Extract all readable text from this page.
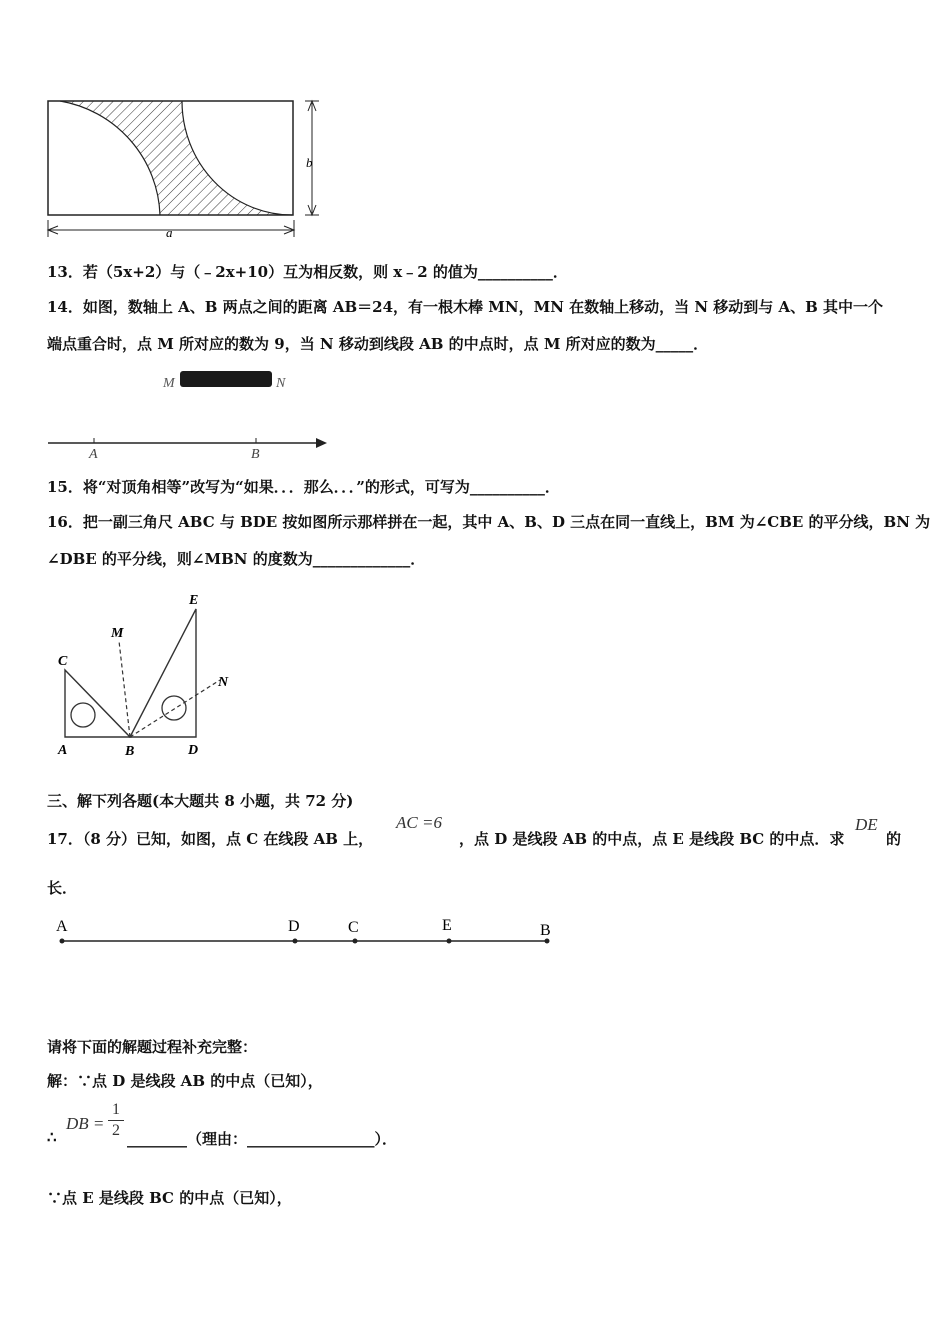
b
a
13．若（5x+2）与（﹣2x+10）互为相反数，则 x﹣2 的值为__________．
14．如图，数轴上 A、B 两点之间的距离 AB＝24，有一根木棒 MN，MN 在数轴上移动，当 N 移动到与 A、B 其中一个
端点重合时，点 M 所对应的数为 9，当 N 移动到线段 AB 的中点时，点 M 所对应的数为_____．
M	N
A	B
15．将“对顶角相等”改写为“如果．．．那么．．．”的形式，可写为__________．
16．把一副三角尺 ABC 与 BDE 按如图所示那样拼在一起，其中 A、B、D 三点在同一直线上，BM 为∠CBE 的平分线，BN 为
∠DBE 的平分线，则∠MBN 的度数为_____________．
E
M
C
N
A	B	D
三、解下列各题(本大题共 8 小题，共 72 分)
17．（8 分）已知，如图，点 C 在线段 AB 上，
AC =6
，点 D 是线段 AB 的中点，点 E 是线段 BC 的中点．求
DE
的
长．
A	D	C	E	B
请将下面的解题过程补充完整：
解：∵点 D 是线段 AB 的中点（已知），
∴
DB =
1
2 ________（理由：_________________）．
∵点 E 是线段 BC 的中点（已知），
